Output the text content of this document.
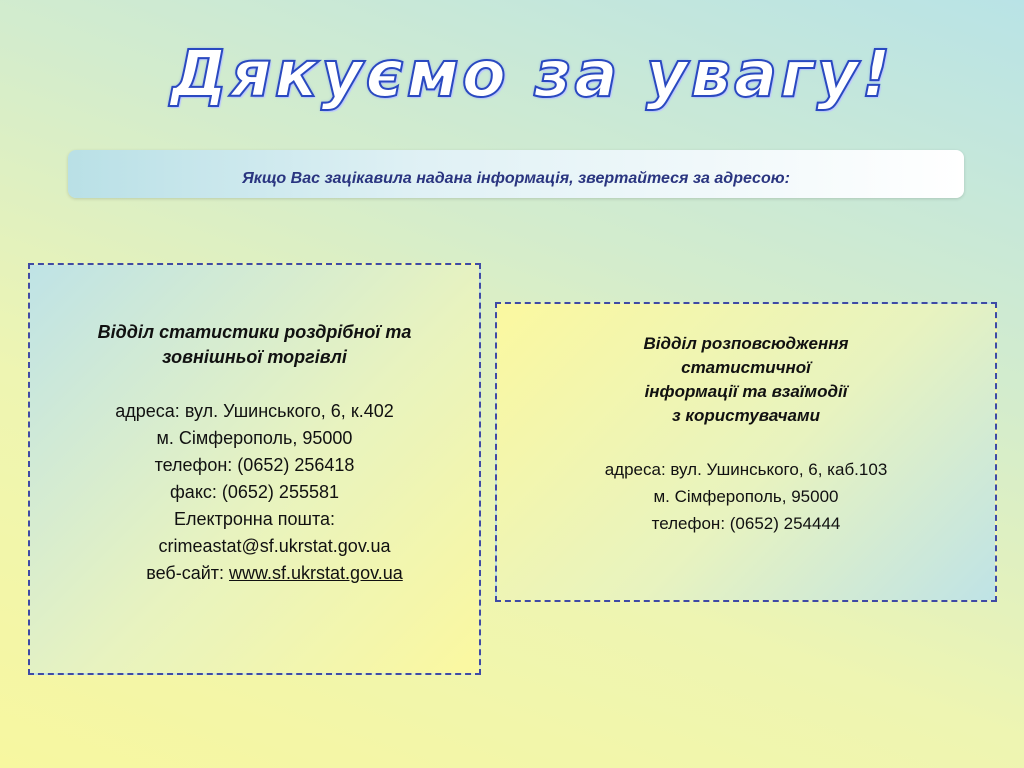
Дякуємо за увагу!
Якщо Вас зацікавила надана інформація, звертайтеся за адресою:
Відділ статистики роздрібної та
зовнішньої торгівлі

адреса: вул. Ушинського, 6, к.402

м. Сімферополь, 95000

телефон: (0652) 256418

факс: (0652) 255581

Електронна пошта:

crimeastat@sf.ukrstat.gov.ua

веб-сайт: www.sf.ukrstat.gov.ua

Відділ розповсюдження
статистичної
інформації та взаїмодії
з користувачами

адреса: вул. Ушинського, 6, каб.103

м. Сімферополь, 95000

телефон: (0652) 254444
